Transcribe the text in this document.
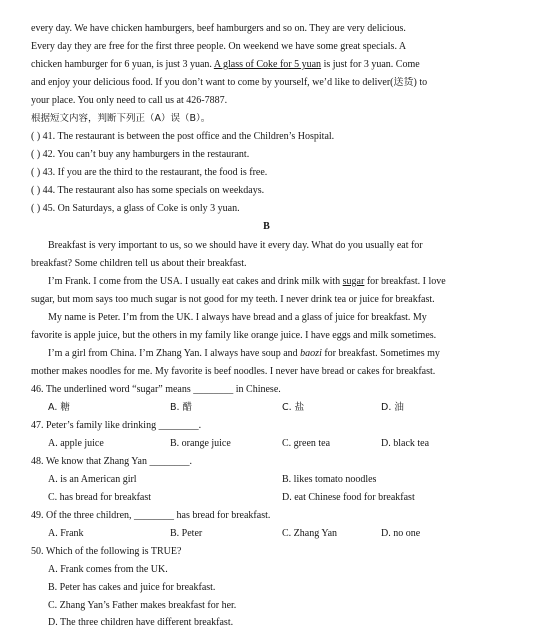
every day. We have chicken hamburgers, beef hamburgers and so on. They are very delicious.
Every day they are free for the first three people. On weekend we have some great specials. A
chicken hamburger for 6 yuan, is just 3 yuan. A glass of Coke for 5 yuan is just for 3 yuan. Come
and enjoy your delicious food. If you don’t want to come by yourself, we’d like to deliver(送货) to
your place. You only need to call us at 426-7887.
根据短文内容，判断下列正（A）误（B）。
( ) 41. The restaurant is between the post office and the Children’s Hospital.
( ) 42. You can’t buy any hamburgers in the restaurant.
( ) 43. If you are the third to the restaurant, the food is free.
( ) 44. The restaurant also has some specials on weekdays.
( ) 45. On Saturdays, a glass of Coke is only 3 yuan.
B
Breakfast is very important to us, so we should have it every day. What do you usually eat for
breakfast? Some children tell us about their breakfast.
I’m Frank. I come from the USA. I usually eat cakes and drink milk with sugar for breakfast. I love
sugar, but mom says too much sugar is not good for my teeth. I never drink tea or juice for breakfast.
My name is Peter. I’m from the UK. I always have bread and a glass of juice for breakfast. My
favorite is apple juice, but the others in my family like orange juice. I have eggs and milk sometimes.
I’m a girl from China. I’m Zhang Yan. I always have soup and baozi for breakfast. Sometimes my
mother makes noodles for me. My favorite is beef noodles. I never have bread or cakes for breakfast.
46. The underlined word “sugar” means ________ in Chinese.
A. 糖	B. 醋	C. 盐	D. 油
47. Peter’s family like drinking ________.
A. apple juice	B. orange juice	C. green tea	D. black tea
48. We know that Zhang Yan ________.
A. is an American girl	B. likes tomato noodles
C. has bread for breakfast	D. eat Chinese food for breakfast
49. Of the three children, ________ has bread for breakfast.
A. Frank	B. Peter	C. Zhang Yan	D. no one
50. Which of the following is TRUE?
A. Frank comes from the UK.
B. Peter has cakes and juice for breakfast.
C. Zhang Yan’s Father makes breakfast for her.
D. The three children have different breakfast.
